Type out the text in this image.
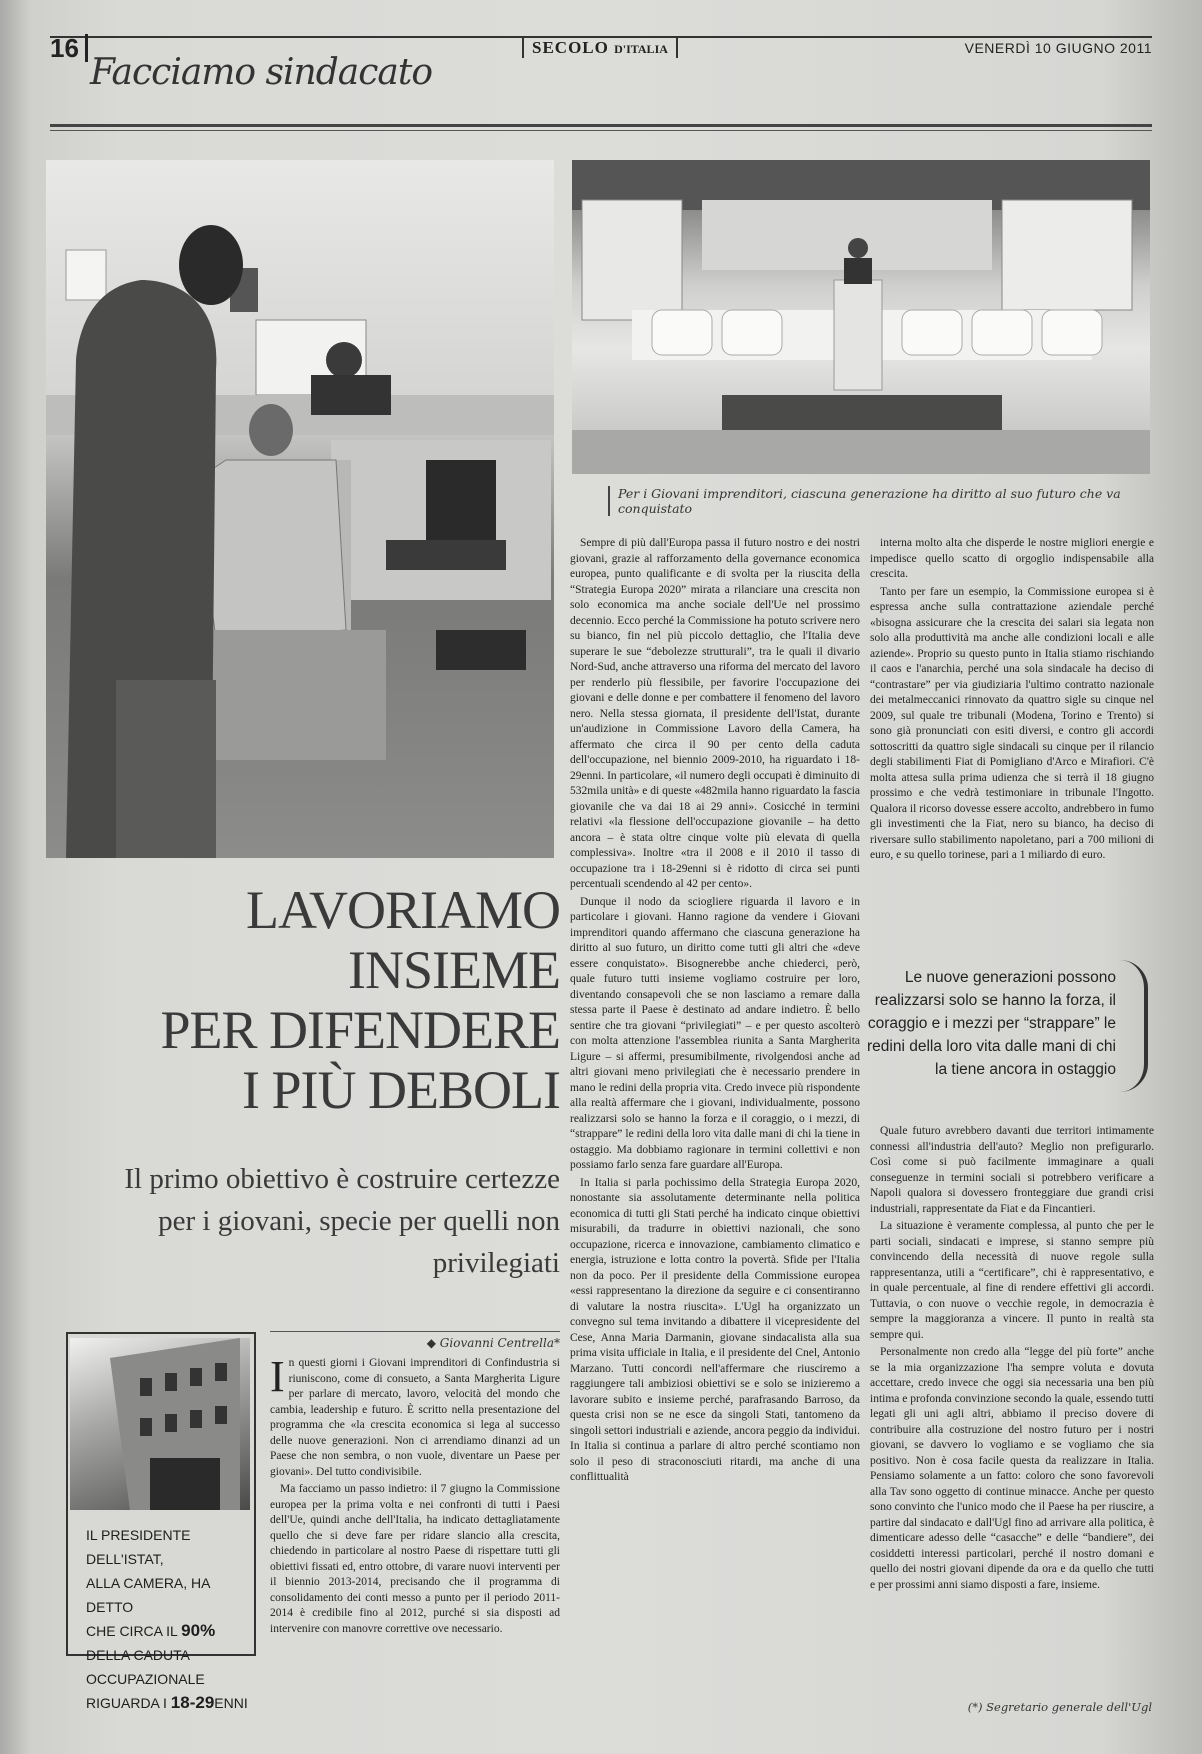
16	SECOLO D'ITALIA	VENERDÌ 10 GIUGNO 2011
Facciamo sindacato
Per i Giovani imprenditori, ciascuna generazione ha diritto al suo futuro che va conquistato
LAVORIAMO
INSIEME
PER DIFENDERE
I PIÙ DEBOLI
Il primo obiettivo è costruire certezze per i giovani, specie per quelli non privilegiati
IL PRESIDENTE DELL'ISTAT,
ALLA CAMERA, HA DETTO
CHE CIRCA IL 90%
DELLA CADUTA
OCCUPAZIONALE
RIGUARDA I 18-29ENNI
◆ Giovanni Centrella*

In questi giorni i Giovani imprenditori di Confindustria si riuniscono, come di consueto, a Santa Margherita Ligure per parlare di mercato, lavoro, velocità del mondo che cambia, leadership e futuro. È scritto nella presentazione del programma che «la crescita economica si lega al successo delle nuove generazioni. Non ci arrendiamo dinanzi ad un Paese che non sembra, o non vuole, diventare un Paese per giovani». Del tutto condivisibile.

Ma facciamo un passo indietro: il 7 giugno la Commissione europea per la prima volta e nei confronti di tutti i Paesi dell'Ue, quindi anche dell'Italia, ha indicato dettagliatamente quello che si deve fare per ridare slancio alla crescita, chiedendo in particolare al nostro Paese di rispettare tutti gli obiettivi fissati ed, entro ottobre, di varare nuovi interventi per il biennio 2013-2014, precisando che il programma di consolidamento dei conti messo a punto per il periodo 2011-2014 è credibile fino al 2012, purché si sia disposti ad intervenire con manovre correttive ove necessario.

Sempre di più dall'Europa passa il futuro nostro e dei nostri giovani, grazie al rafforzamento della governance economica europea, punto qualificante e di svolta per la riuscita della “Strategia Europa 2020” mirata a rilanciare una crescita non solo economica ma anche sociale dell'Ue nel prossimo decennio. Ecco perché la Commissione ha potuto scrivere nero su bianco, fin nel più piccolo dettaglio, che l'Italia deve superare le sue “debolezze strutturali”, tra le quali il divario Nord-Sud, anche attraverso una riforma del mercato del lavoro per renderlo più flessibile, per favorire l'occupazione dei giovani e delle donne e per combattere il fenomeno del lavoro nero. Nella stessa giornata, il presidente dell'Istat, durante un'audizione in Commissione Lavoro della Camera, ha affermato che circa il 90 per cento della caduta dell'occupazione, nel biennio 2009-2010, ha riguardato i 18-29enni. In particolare, «il numero degli occupati è diminuito di 532mila unità» e di queste «482mila hanno riguardato la fascia giovanile che va dai 18 ai 29 anni». Cosicché in termini relativi «la flessione dell'occupazione giovanile – ha detto ancora – è stata oltre cinque volte più elevata di quella complessiva». Inoltre «tra il 2008 e il 2010 il tasso di occupazione tra i 18-29enni si è ridotto di circa sei punti percentuali scendendo al 42 per cento».

Dunque il nodo da sciogliere riguarda il lavoro e in particolare i giovani. Hanno ragione da vendere i Giovani imprenditori quando affermano che ciascuna generazione ha diritto al suo futuro, un diritto come tutti gli altri che «deve essere conquistato». Bisognerebbe anche chiederci, però, quale futuro tutti insieme vogliamo costruire per loro, diventando consapevoli che se non lasciamo a remare dalla stessa parte il Paese è destinato ad andare indietro. È bello sentire che tra giovani “privilegiati” – e per questo ascolterò con molta attenzione l'assemblea riunita a Santa Margherita Ligure – si affermi, presumibilmente, rivolgendosi anche ad altri giovani meno privilegiati che è necessario prendere in mano le redini della propria vita. Credo invece più rispondente alla realtà affermare che i giovani, individualmente, possono realizzarsi solo se hanno la forza e il coraggio, o i mezzi, di “strappare” le redini della loro vita dalle mani di chi la tiene in ostaggio. Ma dobbiamo ragionare in termini collettivi e non possiamo farlo senza fare guardare all'Europa.

In Italia si parla pochissimo della Strategia Europa 2020, nonostante sia assolutamente determinante nella politica economica di tutti gli Stati perché ha indicato cinque obiettivi misurabili, da tradurre in obiettivi nazionali, che sono occupazione, ricerca e innovazione, cambiamento climatico e energia, istruzione e lotta contro la povertà. Sfide per l'Italia non da poco. Per il presidente della Commissione europea «essi rappresentano la direzione da seguire e ci consentiranno di valutare la nostra riuscita». L'Ugl ha organizzato un convegno sul tema invitando a dibattere il vicepresidente del Cese, Anna Maria Darmanin, giovane sindacalista alla sua prima visita ufficiale in Italia, e il presidente del Cnel, Antonio Marzano. Tutti concordi nell'affermare che riusciremo a raggiungere tali ambiziosi obiettivi se e solo se inizieremo a lavorare subito e insieme perché, parafrasando Barroso, da questa crisi non se ne esce da singoli Stati, tantomeno da singoli settori industriali e aziende, ancora peggio da individui. In Italia si continua a parlare di altro perché scontiamo non solo il peso di straconosciuti ritardi, ma anche di una conflittualità

interna molto alta che disperde le nostre migliori energie e impedisce quello scatto di orgoglio indispensabile alla crescita.

Tanto per fare un esempio, la Commissione europea si è espressa anche sulla contrattazione aziendale perché «bisogna assicurare che la crescita dei salari sia legata non solo alla produttività ma anche alle condizioni locali e alle aziende». Proprio su questo punto in Italia stiamo rischiando il caos e l'anarchia, perché una sola sindacale ha deciso di “contrastare” per via giudiziaria l'ultimo contratto nazionale dei metalmeccanici rinnovato da quattro sigle su cinque nel 2009, sul quale tre tribunali (Modena, Torino e Trento) si sono già pronunciati con esiti diversi, e contro gli accordi sottoscritti da quattro sigle sindacali su cinque per il rilancio degli stabilimenti Fiat di Pomigliano d'Arco e Mirafiori. C'è molta attesa sulla prima udienza che si terrà il 18 giugno prossimo e che vedrà testimoniare in tribunale l'Ingotto. Qualora il ricorso dovesse essere accolto, andrebbero in fumo gli investimenti che la Fiat, nero su bianco, ha deciso di riversare sullo stabilimento napoletano, pari a 700 milioni di euro, e su quello torinese, pari a 1 miliardo di euro.

Le nuove generazioni possono realizzarsi solo se hanno la forza, il coraggio e i mezzi per “strappare” le redini della loro vita dalle mani di chi la tiene ancora in ostaggio

Quale futuro avrebbero davanti due territori intimamente connessi all'industria dell'auto? Meglio non prefigurarlo. Così come si può facilmente immaginare a quali conseguenze in termini sociali si potrebbero verificare a Napoli qualora si dovessero fronteggiare due grandi crisi industriali, rappresentate da Fiat e da Fincantieri.

La situazione è veramente complessa, al punto che per le parti sociali, sindacati e imprese, si stanno sempre più convincendo della necessità di nuove regole sulla rappresentanza, utili a “certificare”, chi è rappresentativo, e in quale percentuale, al fine di rendere effettivi gli accordi. Tuttavia, o con nuove o vecchie regole, in democrazia è sempre la maggioranza a vincere. Il punto in realtà sta sempre qui.

Personalmente non credo alla “legge del più forte” anche se la mia organizzazione l'ha sempre voluta e dovuta accettare, credo invece che oggi sia necessaria una ben più intima e profonda convinzione secondo la quale, essendo tutti legati gli uni agli altri, abbiamo il preciso dovere di contribuire alla costruzione del nostro futuro per i nostri giovani, se davvero lo vogliamo e se vogliamo che sia positivo. Non è cosa facile questa da realizzare in Italia. Pensiamo solamente a un fatto: coloro che sono favorevoli alla Tav sono oggetto di continue minacce. Anche per questo sono convinto che l'unico modo che il Paese ha per riuscire, a partire dal sindacato e dall'Ugl fino ad arrivare alla politica, è dimenticare adesso delle “casacche” e delle “bandiere”, dei cosiddetti interessi particolari, perché il nostro domani e quello dei nostri giovani dipende da ora e da quello che tutti e per prossimi anni siamo disposti a fare, insieme.

(*) Segretario generale dell'Ugl
